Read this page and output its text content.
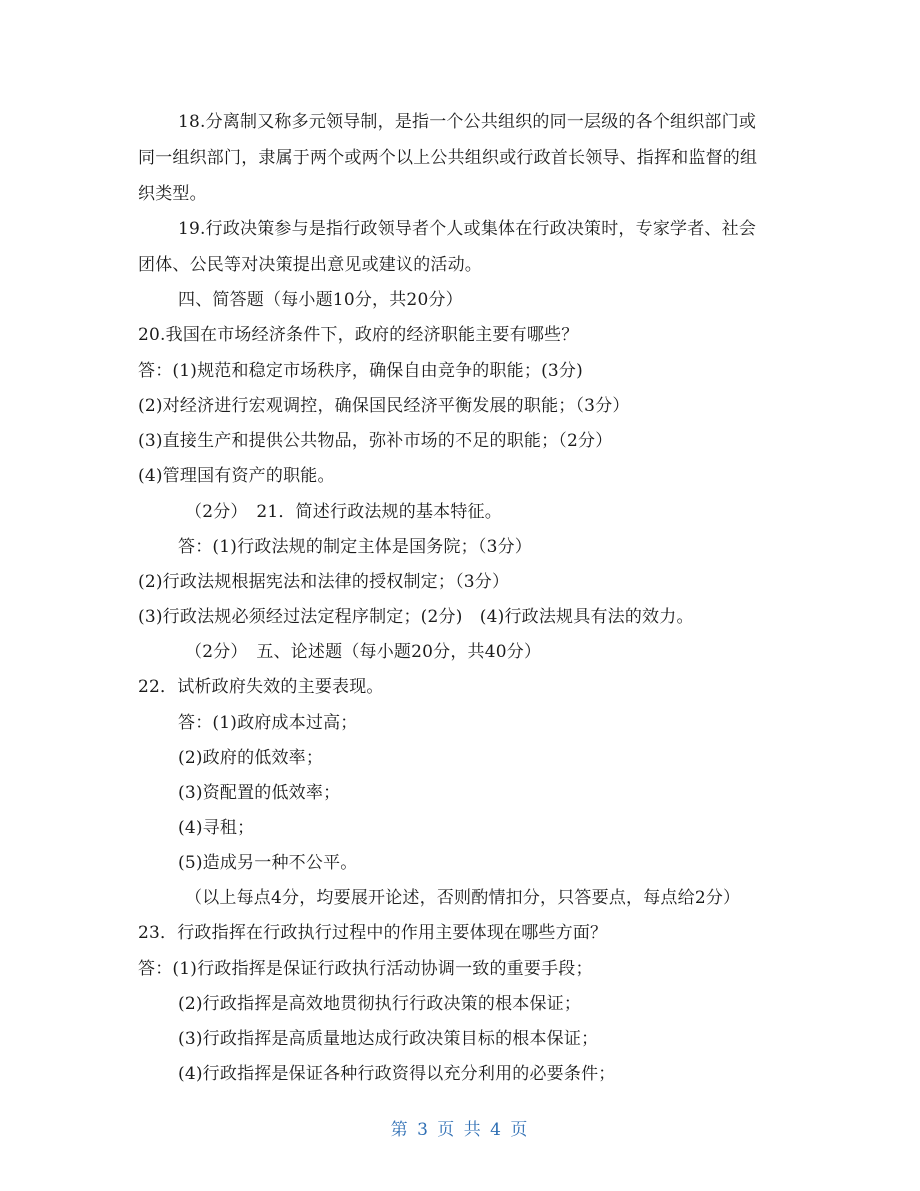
18.分离制又称多元领导制，是指一个公共组织的同一层级的各个组织部门或
同一组织部门，隶属于两个或两个以上公共组织或行政首长领导、指挥和监督的组
织类型。
19.行政决策参与是指行政领导者个人或集体在行政决策时，专家学者、社会
团体、公民等对决策提出意见或建议的活动。
四、简答题（每小题10分，共20分）
20.我国在市场经济条件下，政府的经济职能主要有哪些？
答：(1)规范和稳定市场秩序，确保自由竞争的职能；(3分)
(2)对经济进行宏观调控，确保国民经济平衡发展的职能；（3分）
(3)直接生产和提供公共物品，弥补市场的不足的职能；（2分）
(4)管理国有资产的职能。
（2分）　21．简述行政法规的基本特征。
答：(1)行政法规的制定主体是国务院；（3分）
(2)行政法规根据宪法和法律的授权制定；（3分）
(3)行政法规必须经过法定程序制定；(2分)　(4)行政法规具有法的效力。
（2分）　五、论述题（每小题20分，共40分）
22．试析政府失效的主要表现。
答：(1)政府成本过高；
(2)政府的低效率；
(3)资配置的低效率；
(4)寻租；
(5)造成另一种不公平。
（以上每点4分，均要展开论述，否则酌情扣分，只答要点，每点给2分）
23．行政指挥在行政执行过程中的作用主要体现在哪些方面？
答：(1)行政指挥是保证行政执行活动协调一致的重要手段；
(2)行政指挥是高效地贯彻执行行政决策的根本保证；
(3)行政指挥是高质量地达成行政决策目标的根本保证；
(4)行政指挥是保证各种行政资得以充分利用的必要条件；
第 3 页 共 4 页
